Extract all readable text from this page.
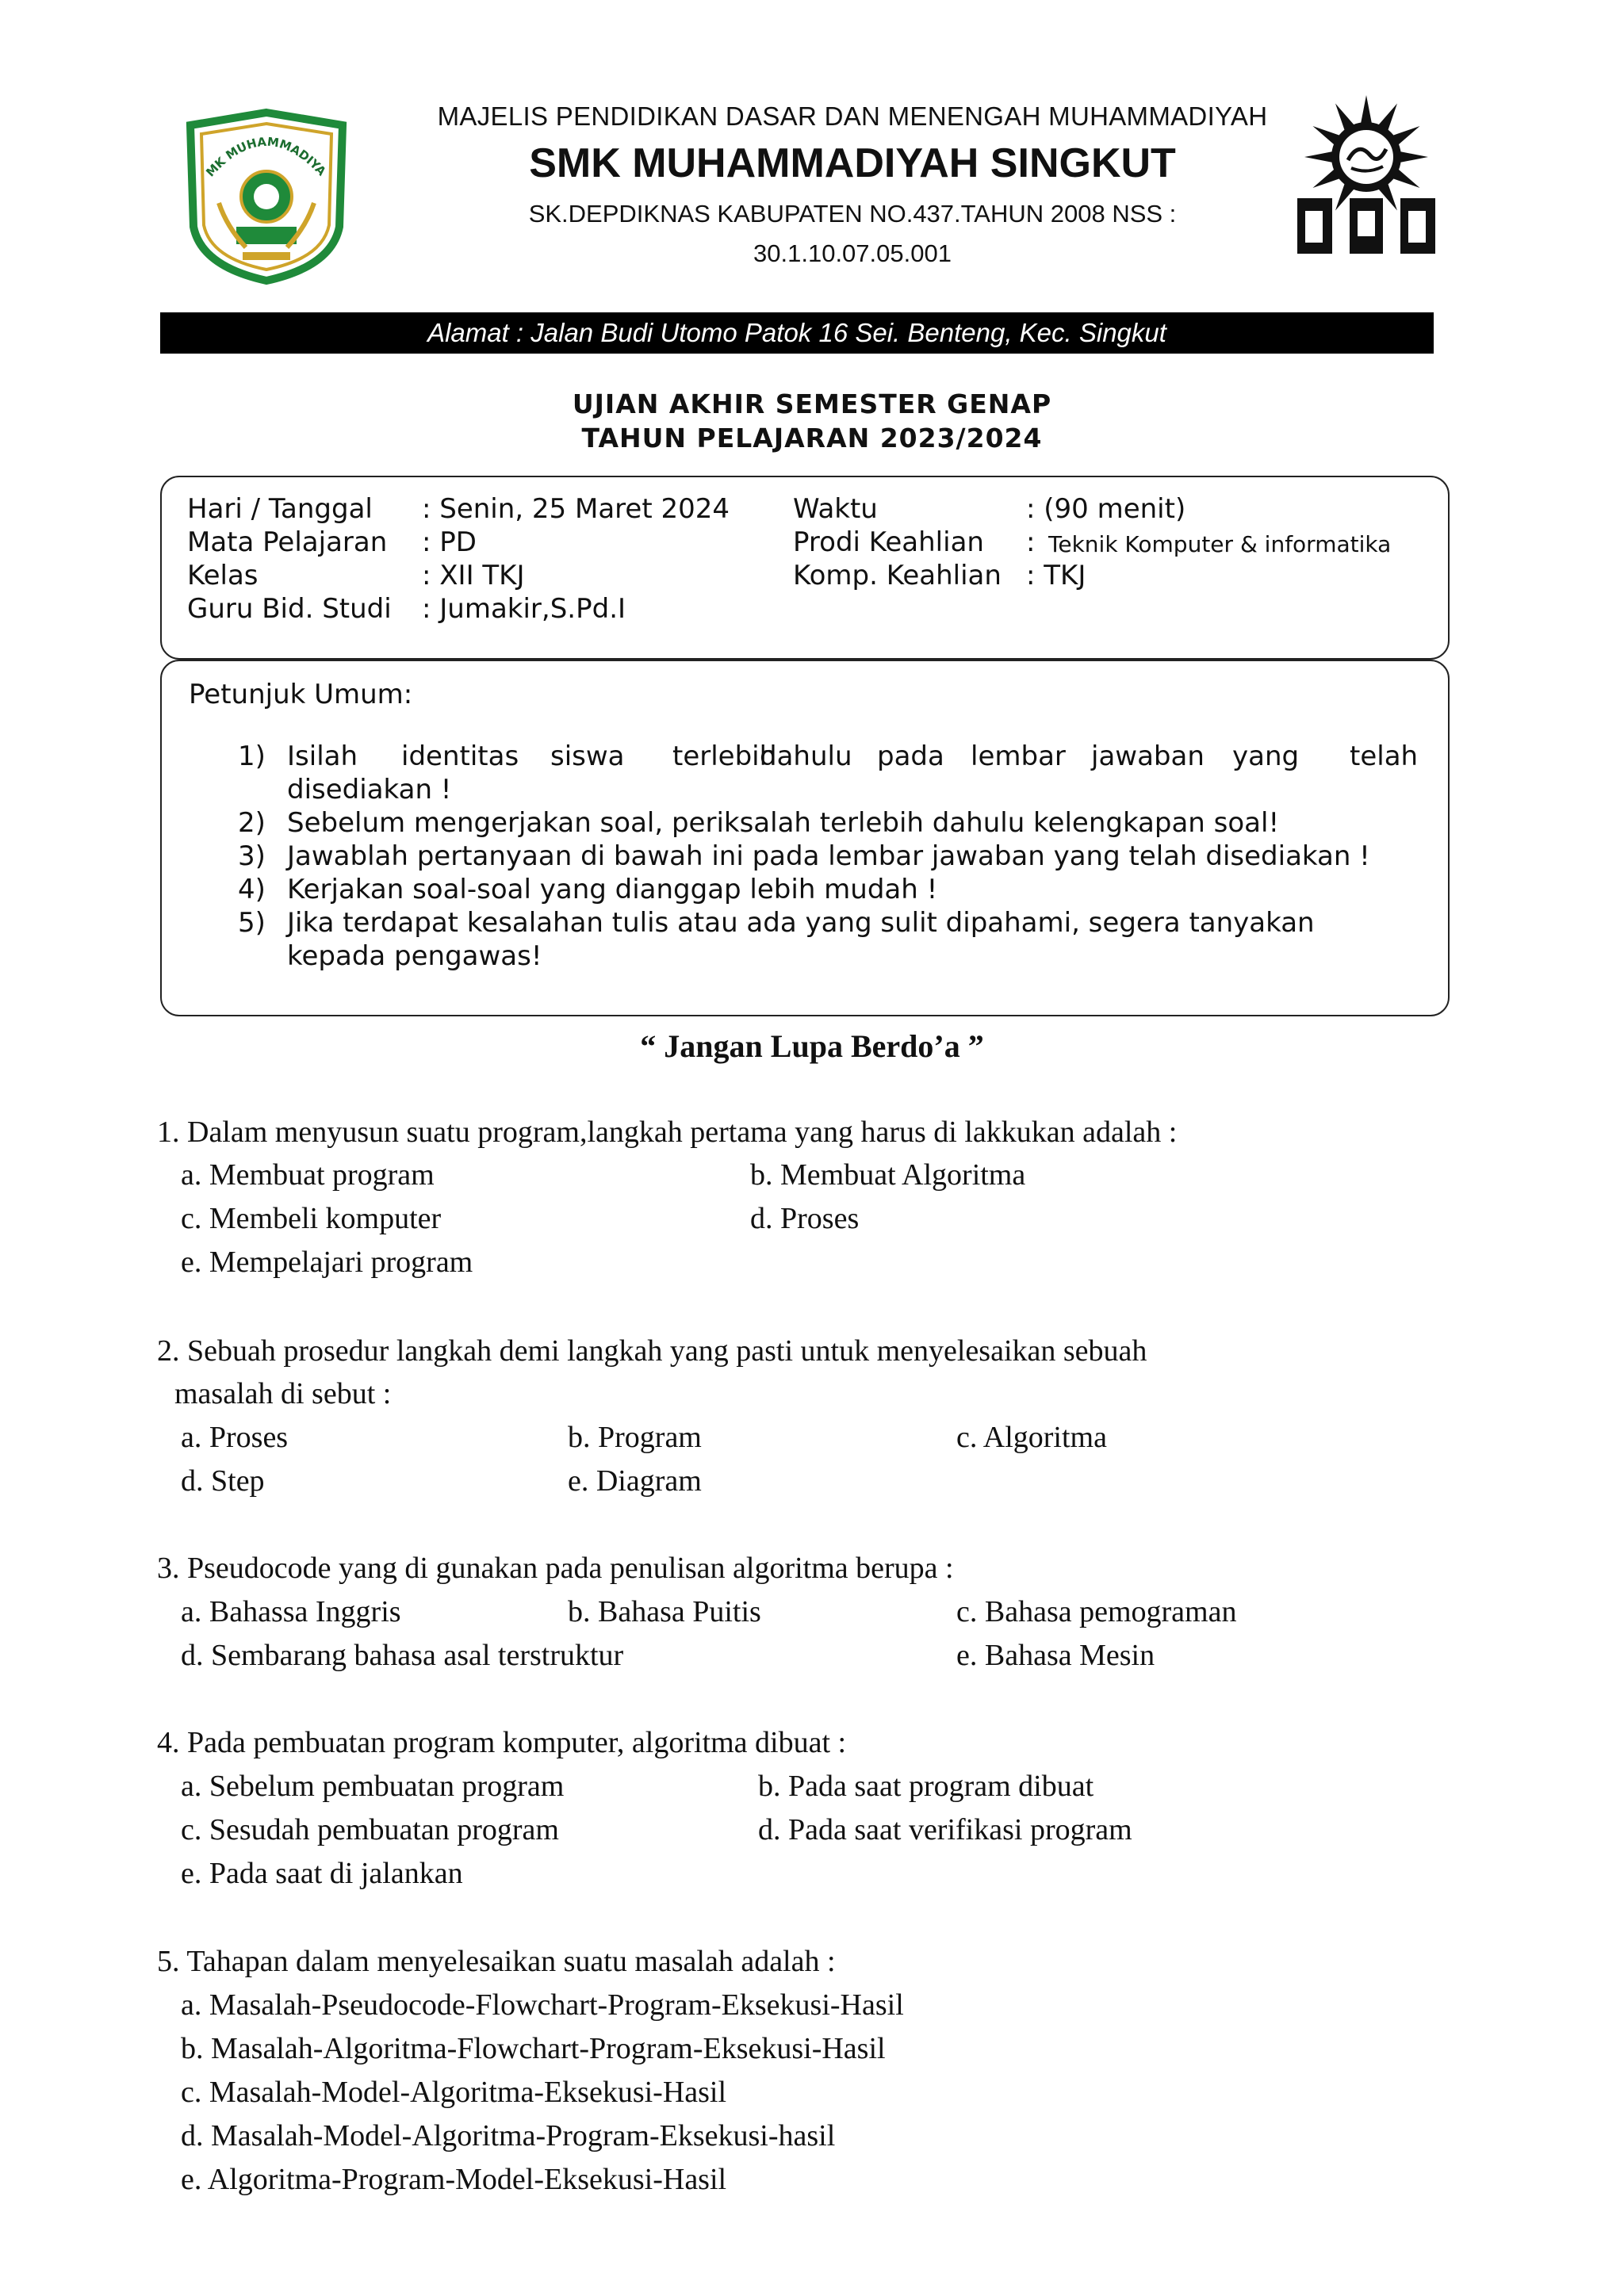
MK MUHAMMADIYA
MAJELIS PENDIDIKAN DASAR DAN MENENGAH MUHAMMADIYAH
SMK MUHAMMADIYAH SINGKUT
SK.DEPDIKNAS KABUPATEN NO.437.TAHUN 2008 NSS :
30.1.10.07.05.001
Alamat : Jalan Budi Utomo Patok 16 Sei. Benteng, Kec. Singkut
UJIAN AKHIR SEMESTER GENAP
TAHUN PELAJARAN 2023/2024
Hari / Tanggal : Senin, 25 Maret 2024
Mata Pelajaran : PD
Kelas	: XII TKJ
Guru Bid. Studi : Jumakir,S.Pd.I
Waktu	: (90 menit)
Prodi Keahlian : Teknik Komputer & informatika
Komp. Keahlian : TKJ
Petunjuk Umum:
1) Isilah identitas siswa terlebih
dahulu pada lembar jawaban yang telah
disediakan !
2) Sebelum mengerjakan soal, periksalah terlebih dahulu kelengkapan soal!
3) Jawablah pertanyaan di bawah ini pada lembar jawaban yang telah disediakan !
4) Kerjakan soal-soal yang dianggap lebih mudah !
5) Jika terdapat kesalahan tulis atau ada yang sulit dipahami, segera tanyakan
kepada pengawas!
“ Jangan Lupa Berdo’a ”
1. Dalam menyusun suatu program,langkah pertama yang harus di lakkukan adalah :
a. Membuat program	b. Membuat Algoritma
c. Membeli komputer	d. Proses
e. Mempelajari program
2. Sebuah prosedur langkah demi langkah yang pasti untuk menyelesaikan sebuah
masalah di sebut :
a. Proses	b. Program	c. Algoritma
d. Step	e. Diagram
3. Pseudocode yang di gunakan pada penulisan algoritma berupa :
a. Bahassa Inggris	b. Bahasa Puitis	c. Bahasa pemograman
d. Sembarang bahasa asal terstruktur	e. Bahasa Mesin
4. Pada pembuatan program komputer, algoritma dibuat :
a. Sebelum pembuatan program	b. Pada saat program dibuat
c. Sesudah pembuatan program	d. Pada saat verifikasi program
e. Pada saat di jalankan
5. Tahapan dalam menyelesaikan suatu masalah adalah :
a. Masalah-Pseudocode-Flowchart-Program-Eksekusi-Hasil
b. Masalah-Algoritma-Flowchart-Program-Eksekusi-Hasil
c. Masalah-Model-Algoritma-Eksekusi-Hasil
d. Masalah-Model-Algoritma-Program-Eksekusi-hasil
e. Algoritma-Program-Model-Eksekusi-Hasil
